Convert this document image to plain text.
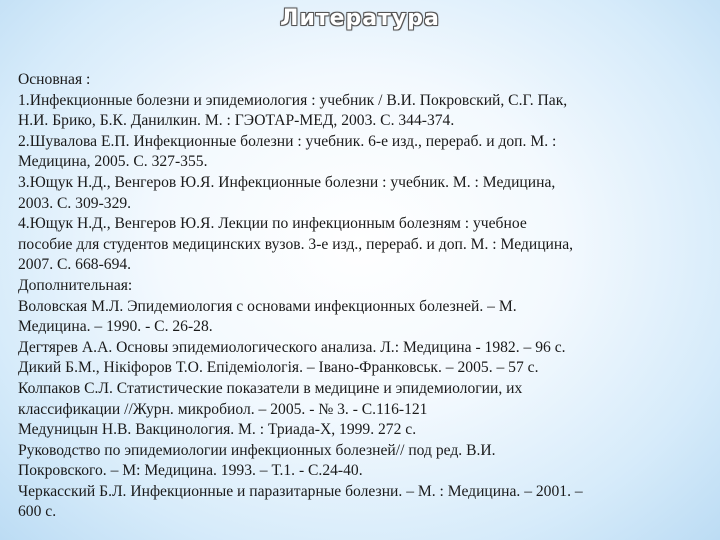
Литература
Основная :
1.Инфекционные болезни и эпидемиология : учебник / В.И. Покровский, С.Г. Пак,
Н.И. Брико, Б.К. Данилкин. М. : ГЭОТАР-МЕД, 2003. С. 344-374.
2.Шувалова Е.П. Инфекционные болезни : учебник. 6-е изд., перераб. и доп. М. :
Медицина, 2005. С. 327-355.
3.Ющук Н.Д., Венгеров Ю.Я. Инфекционные болезни : учебник. М. : Медицина,
2003. С. 309-329.
4.Ющук Н.Д., Венгеров Ю.Я. Лекции по инфекционным болезням : учебное
пособие для студентов медицинских вузов. 3-е изд., перераб. и доп. М. : Медицина,
2007. С. 668-694.
Дополнительная:
Воловская М.Л. Эпидемиология с основами инфекционных болезней. – М.
Медицина. – 1990. - С. 26-28.
Дегтярев А.А. Основы эпидемиологического анализа. Л.: Медицина - 1982. – 96 с.
Дикий Б.М., Нікіфоров Т.О. Епідеміологія. – Івано-Франковськ. – 2005. – 57 с.
Колпаков С.Л. Статистические показатели в медицине и эпидемиологии, их
классификации //Журн. микробиол. – 2005. - № 3. - С.116-121
Медуницын Н.В. Вакцинология. М. : Триада-Х, 1999. 272 с.
Руководство по эпидемиологии инфекционных болезней// под ред. В.И.
Покровского. – М: Медицина. 1993. – Т.1. - С.24-40.
Черкасский Б.Л. Инфекционные и паразитарные болезни. – М. : Медицина. – 2001. –
600 с.
